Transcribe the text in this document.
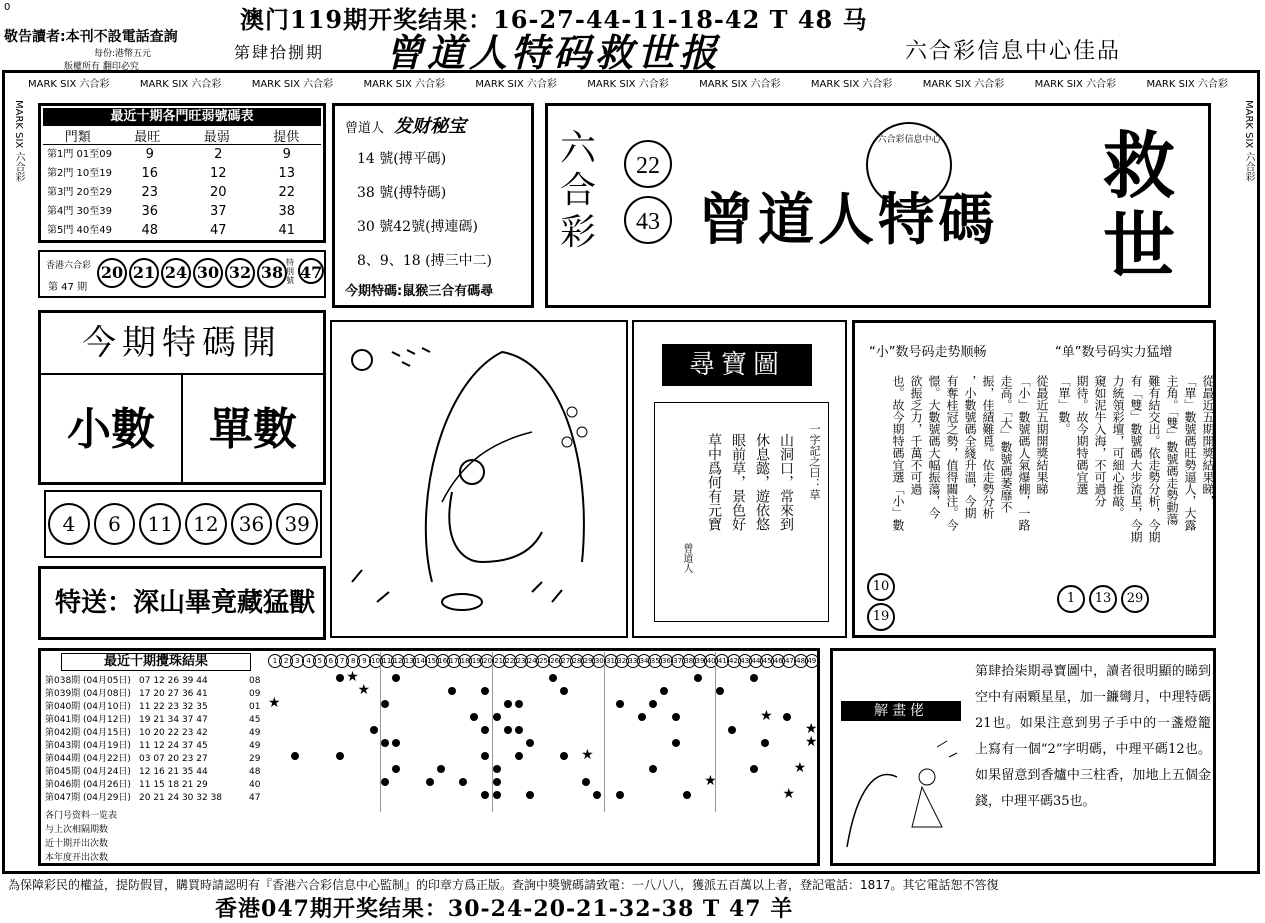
0	澳门119期开奖结果：16-27-44-11-18-42 T 48 马
敬告讀者:本刊不設電話查詢
每份:港幣五元
版權所有 翻印必究
第肆拾捌期 曾道人特码救世报	六合彩信息中心佳品
MARK SIX 六合彩	MARK SIX 六合彩	MARK SIX 六合彩	MARK SIX 六合彩	MARK SIX 六合彩	MARK SIX 六合彩	MARK SIX 六合彩	MARK SIX 六合彩	MARK SIX 六合彩	MARK SIX 六合彩	MARK SIX 六合彩
MARK SIX 六合彩	MARK SIX 六合彩
最近十期各門旺弱號碼表
門類	最旺	最弱	提供
第1門 01至09	9	2	9
第2門 10至19	16	12	13
第3門 20至29	23	20	22
第4門 30至39	36	37	38
第5門 40至49	48	47	41
香港六合彩
第 47 期
20 21 24 30 32 38
特別號 47
曾道人 发财秘宝
14 號(搏平碼)
38 號(搏特碼)
30 號42號(搏連碼)
8、9、18 (搏三中二)
今期特碼:鼠猴三合有碼尋
六合彩
22
43 曾道人特碼
救世
六合彩信息中心
今期特碼開
小數	單數
4	6	11	12	36	39
特送：深山畢竟藏猛獸
尋寶圖
一字記之曰：草
山洞口，常來到
休息懿，遊依悠
眼前草，景色好
草中爲何有元寶
曾道人
“小”数号码走势顺畅	“单”数号码实力猛增
從最近五期開獎結果睇
「小」數號碼人氣爆棚，一路
走高。「大」數號碼萎靡不
振，佳績難覓。依走勢分析
，小數號碼全綫升溫，今期
有奪桂冠之勢，值得關注。今
憬。大數號碼大幅振蕩，今
欲振乏力，千萬不可過
也。故今期特碼宜選「小」數	從最近五期開獎結果睇，
「單」數號碼旺勢逼人，大露
主角。「雙」數號碼走勢動蕩
難有結交出。依走勢分析，今期
有「雙」數號碼大步流星，今期
力統領彩壇，可細心推敲。
窺如泥牛入海，不可過分
期待。故今期特碼宜選
「單」數。
10
19
1	13	29
最近十期攪珠結果
第038期 (04月05日) 07 12 26 39 44	08
第039期 (04月08日) 17 20 27 36 41	09
第040期 (04月10日) 11 22 23 32 35	01
第041期 (04月12日) 19 21 34 37 47	45
第042期 (04月15日) 10 20 22 23 42	49
第043期 (04月19日) 11 12 24 37 45	49
第044期 (04月22日) 03 07 20 23 27	29
第045期 (04月24日) 12 16 21 35 44	48
第046期 (04月26日) 11 15 18 21 29	40
第047期 (04月29日) 20 21 24 30 32 38	47
各门号资料一览表
与上次相隔期数
近十期开出次数
本年度开出次数
1 2 3 4 5 6 7 8 9 10 11 12 13 14 15 16 17 18 19 20 21 22 23 24 25 26 27 28 29 30 31 32 33 34 35 36 37 38 39 40 41 42 43 44 45 46 47 48 49
★
★
★
★
★
★
★
★
★
★
解畫佬
第肆拾柒期尋寶圖中，讀者很明顯的睇到空中有兩顆星星，加一鐮彎月，中理特碼21也。如果注意到男子手中的一盞燈籠上寫有一個“2”字明碼，中理平碼12也。如果留意到香爐中三柱香，加地上五個金錢，中理平碼35也。
為保障彩民的權益，提防假冒，購買時請認明有『香港六合彩信息中心監制』的印章方爲正版。查詢中獎號碼請致電：一八八八，獲派五百萬以上者，登記電話：1817。其它電話恕不答復
香港047期开奖结果：30-24-20-21-32-38 T 47 羊
